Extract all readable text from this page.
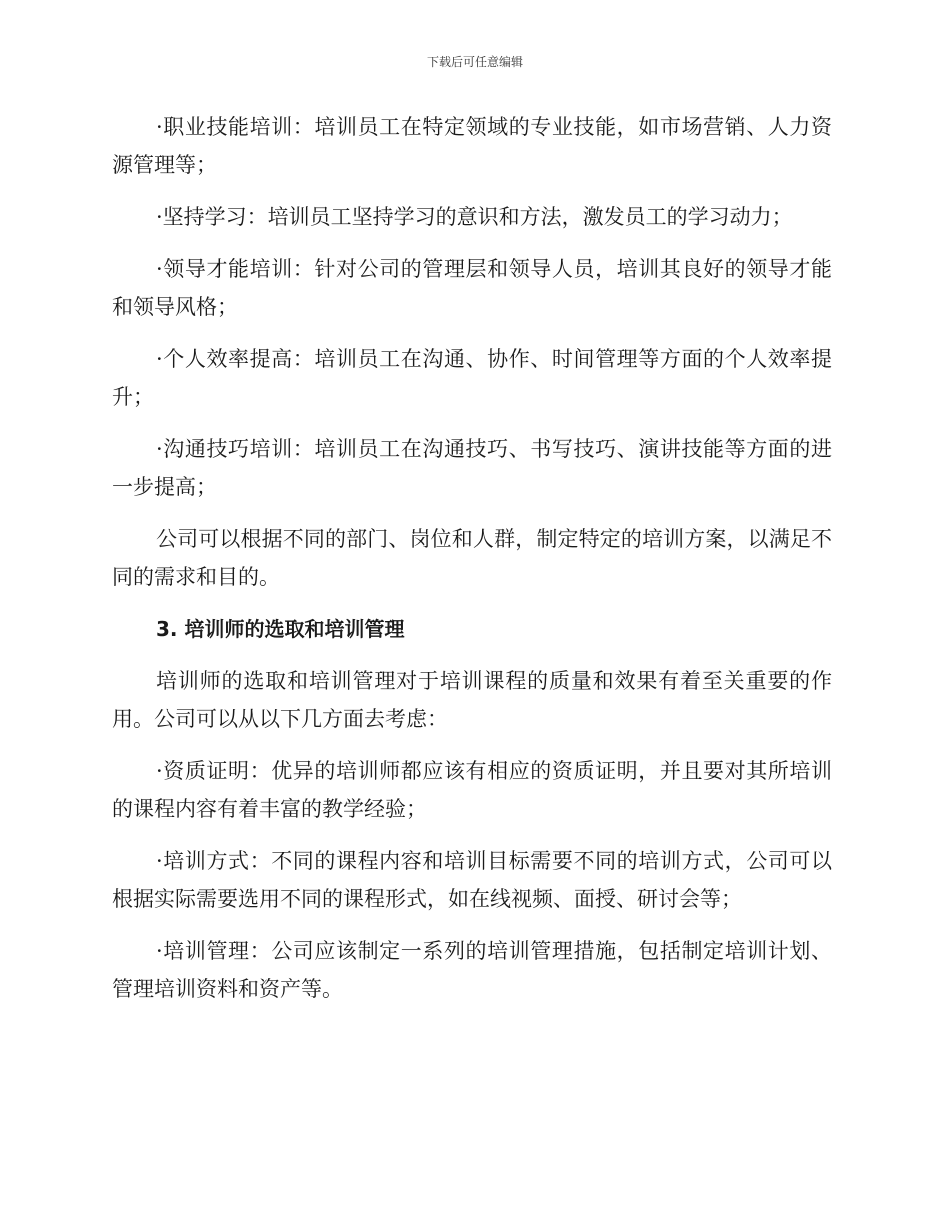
下载后可任意编辑

·职业技能培训：培训员工在特定领域的专业技能，如市场营销、人力资源管理等；

·坚持学习：培训员工坚持学习的意识和方法，激发员工的学习动力；

·领导才能培训：针对公司的管理层和领导人员，培训其良好的领导才能和领导风格；

·个人效率提高：培训员工在沟通、协作、时间管理等方面的个人效率提升；

·沟通技巧培训：培训员工在沟通技巧、书写技巧、演讲技能等方面的进一步提高；

公司可以根据不同的部门、岗位和人群，制定特定的培训方案，以满足不同的需求和目的。

3. 培训师的选取和培训管理

培训师的选取和培训管理对于培训课程的质量和效果有着至关重要的作用。公司可以从以下几方面去考虑：

·资质证明：优异的培训师都应该有相应的资质证明，并且要对其所培训的课程内容有着丰富的教学经验；

·培训方式：不同的课程内容和培训目标需要不同的培训方式，公司可以根据实际需要选用不同的课程形式，如在线视频、面授、研讨会等；

·培训管理：公司应该制定一系列的培训管理措施，包括制定培训计划、管理培训资料和资产等。
